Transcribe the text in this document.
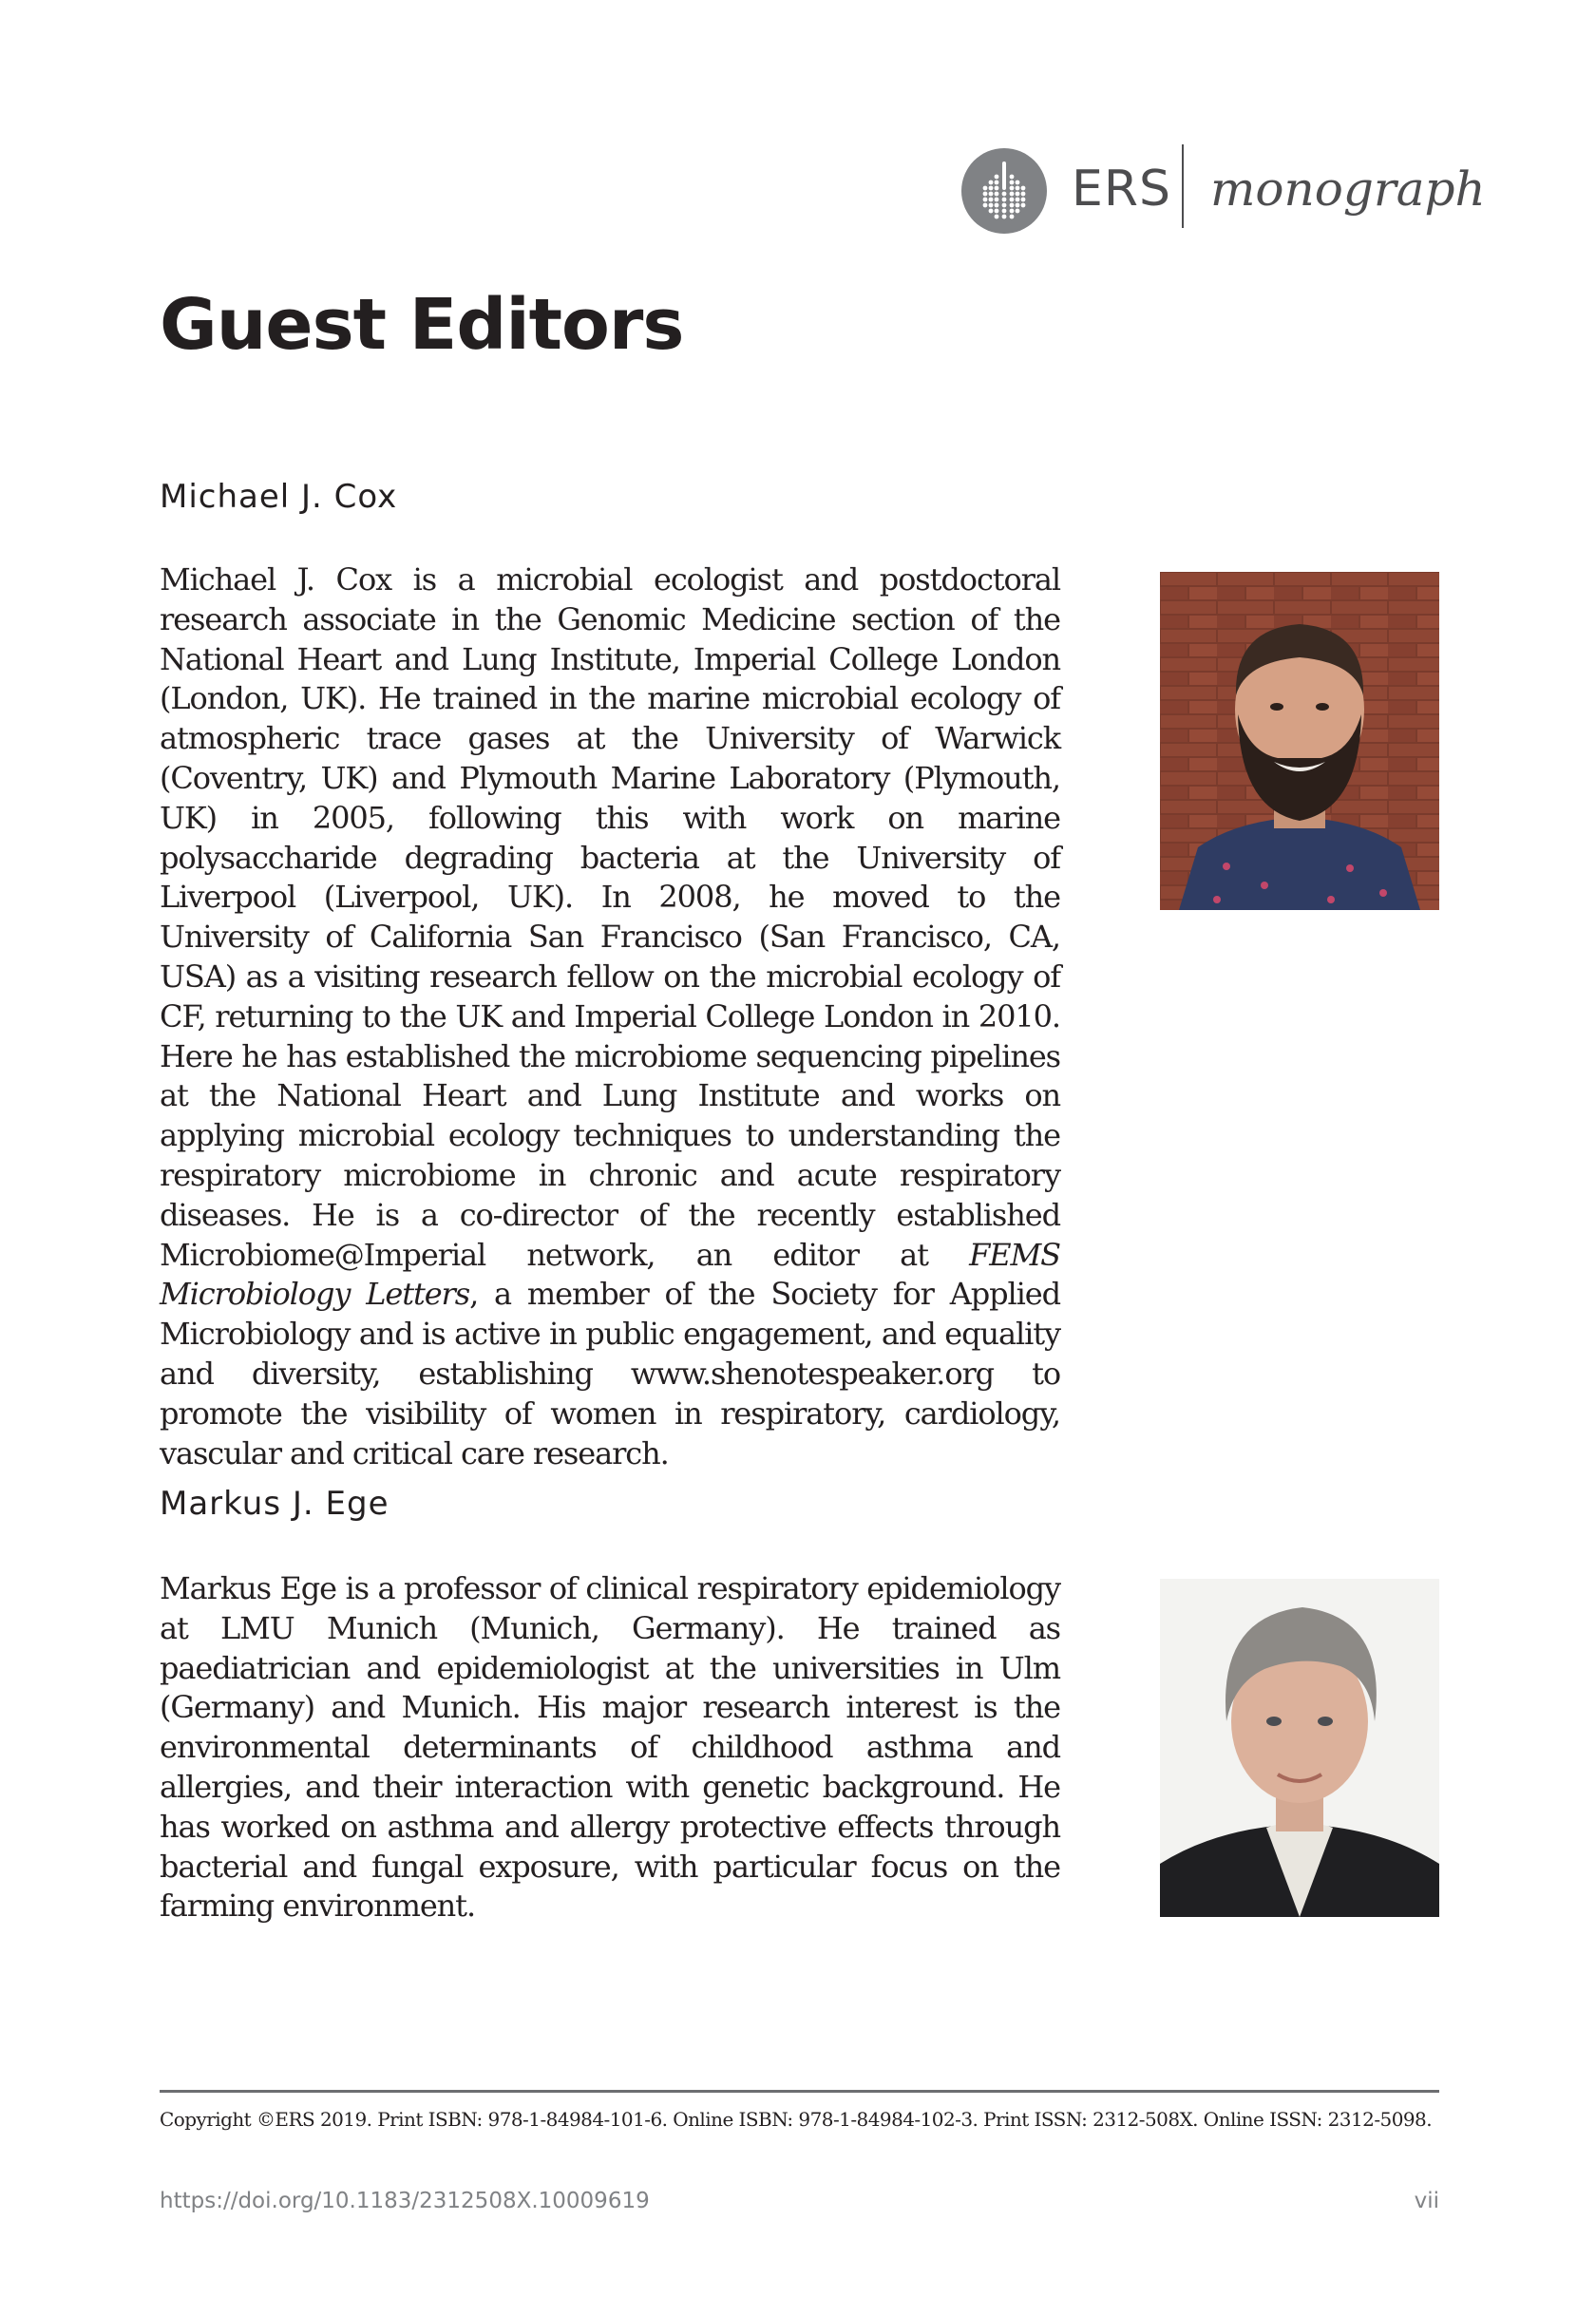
ERS monograph
Guest Editors
Michael J. Cox

Michael J. Cox is a microbial ecologist and postdoctoral research associate in the Genomic Medicine section of the National Heart and Lung Institute, Imperial College London (London, UK). He trained in the marine microbial ecology of atmospheric trace gases at the University of Warwick (Coventry, UK) and Plymouth Marine Laboratory (Plymouth, UK) in 2005, following this with work on marine polysaccharide degrading bacteria at the University of Liverpool (Liverpool, UK). In 2008, he moved to the University of California San Francisco (San Francisco, CA, USA) as a visiting research fellow on the microbial ecology of CF, returning to the UK and Imperial College London in 2010. Here he has established the microbiome sequencing pipelines at the National Heart and Lung Institute and works on applying microbial ecology techniques to understanding the respiratory microbiome in chronic and acute respiratory diseases. He is a co-director of the recently established Microbiome@Imperial network, an editor at FEMS Microbiology Letters, a member of the Society for Applied Microbiology and is active in public engagement, and equality and diversity, establishing www.shenotespeaker.org to promote the visibility of women in respiratory, cardiology, vascular and critical care research.

Markus J. Ege

Markus Ege is a professor of clinical respiratory epidemiology at LMU Munich (Munich, Germany). He trained as paediatrician and epidemiologist at the universities in Ulm (Germany) and Munich. His major research interest is the environmental determinants of childhood asthma and allergies, and their interaction with genetic background. He has worked on asthma and allergy protective effects through bacterial and fungal exposure, with particular focus on the farming environment.

Copyright ©ERS 2019. Print ISBN: 978-1-84984-101-6. Online ISBN: 978-1-84984-102-3. Print ISSN: 2312-508X. Online ISSN: 2312-5098.
https://doi.org/10.1183/2312508X.10009619	vii
